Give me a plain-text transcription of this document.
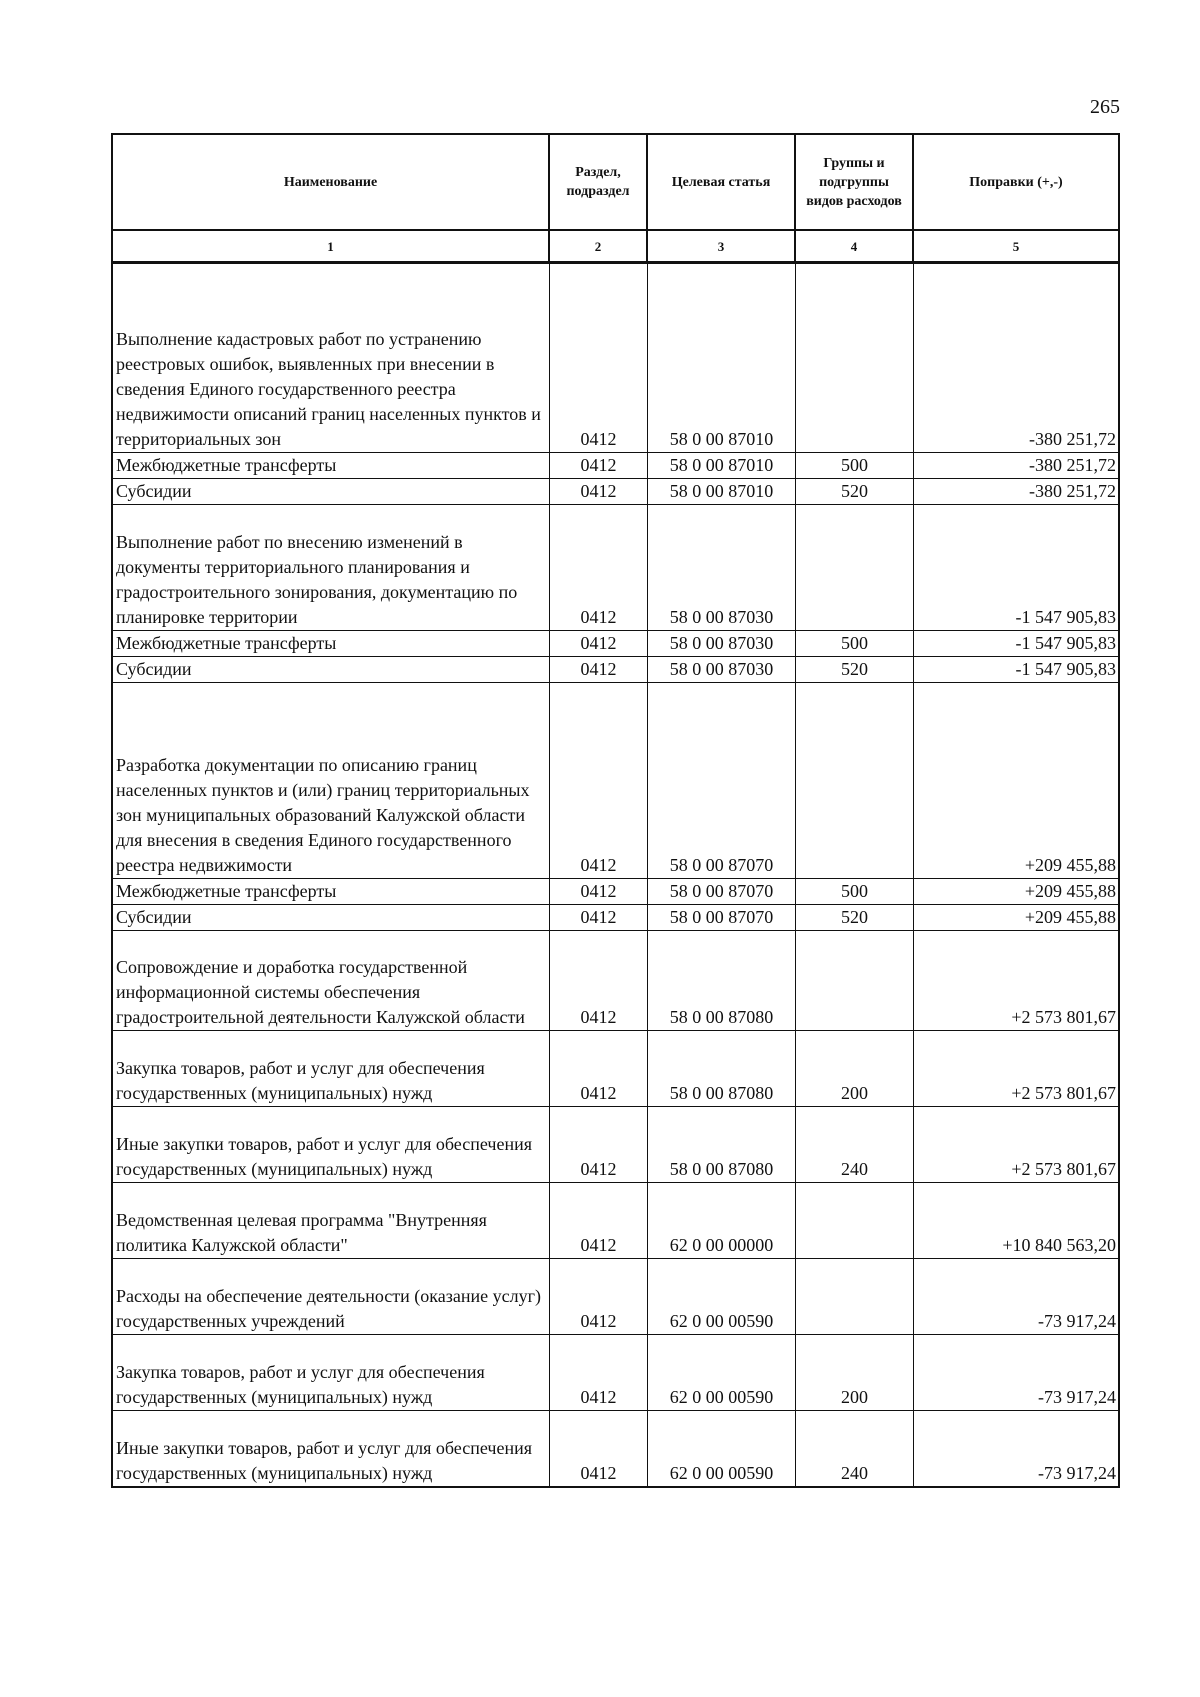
265
Наименование	Раздел, подраздел	Целевая статья	Группы и подгруппы видов расходов	Поправки (+,-)
1	2	3	4	5
Выполнение кадастровых работ по устранению реестровых ошибок, выявленных при внесении в сведения Единого государственного реестра недвижимости описаний границ населенных пунктов и территориальных зон	0412	58 0 00 87010		-380 251,72
Межбюджетные трансферты	0412	58 0 00 87010	500	-380 251,72
Субсидии	0412	58 0 00 87010	520	-380 251,72
Выполнение работ по внесению изменений в документы территориального планирования и градостроительного зонирования, документацию по планировке территории	0412	58 0 00 87030		-1 547 905,83
Межбюджетные трансферты	0412	58 0 00 87030	500	-1 547 905,83
Субсидии	0412	58 0 00 87030	520	-1 547 905,83
Разработка документации по описанию границ населенных пунктов и (или) границ территориальных зон муниципальных образований Калужской области для внесения в сведения Единого государственного реестра недвижимости	0412	58 0 00 87070		+209 455,88
Межбюджетные трансферты	0412	58 0 00 87070	500	+209 455,88
Субсидии	0412	58 0 00 87070	520	+209 455,88
Сопровождение и доработка государственной информационной системы обеспечения градостроительной деятельности Калужской области	0412	58 0 00 87080		+2 573 801,67
Закупка товаров, работ и услуг для обеспечения государственных (муниципальных) нужд	0412	58 0 00 87080	200	+2 573 801,67
Иные закупки товаров, работ и услуг для обеспечения государственных (муниципальных) нужд	0412	58 0 00 87080	240	+2 573 801,67
Ведомственная целевая программа "Внутренняя политика Калужской области"	0412	62 0 00 00000		+10 840 563,20
Расходы на обеспечение деятельности (оказание услуг) государственных учреждений	0412	62 0 00 00590		-73 917,24
Закупка товаров, работ и услуг для обеспечения государственных (муниципальных) нужд	0412	62 0 00 00590	200	-73 917,24
Иные закупки товаров, работ и услуг для обеспечения государственных (муниципальных) нужд	0412	62 0 00 00590	240	-73 917,24
